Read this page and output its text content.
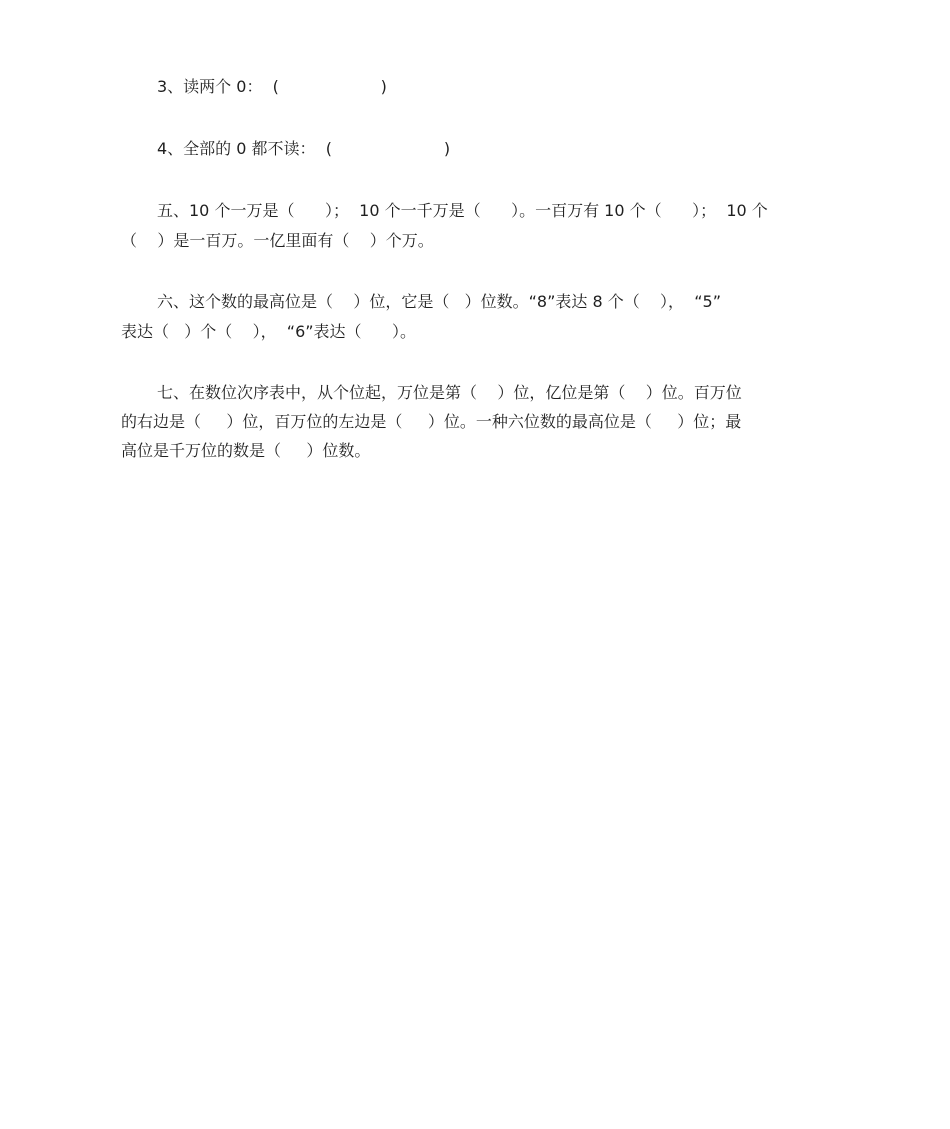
3、读两个 0：  (                    )
4、全部的 0 都不读：  (                      )
五、10 个一万是（      ）；  10 个一千万是（      ）。一百万有 10 个（      ）；  10 个
（    ）是一百万。一亿里面有（    ）个万。
六、这个数的最高位是（    ）位，它是（   ）位数。“8”表达 8 个（    ），  “5”
表达（   ）个（    ），  “6”表达（      ）。
七、在数位次序表中，从个位起，万位是第（    ）位，亿位是第（    ）位。百万位
的右边是（     ）位，百万位的左边是（     ）位。一种六位数的最高位是（     ）位；最
高位是千万位的数是（     ）位数。
